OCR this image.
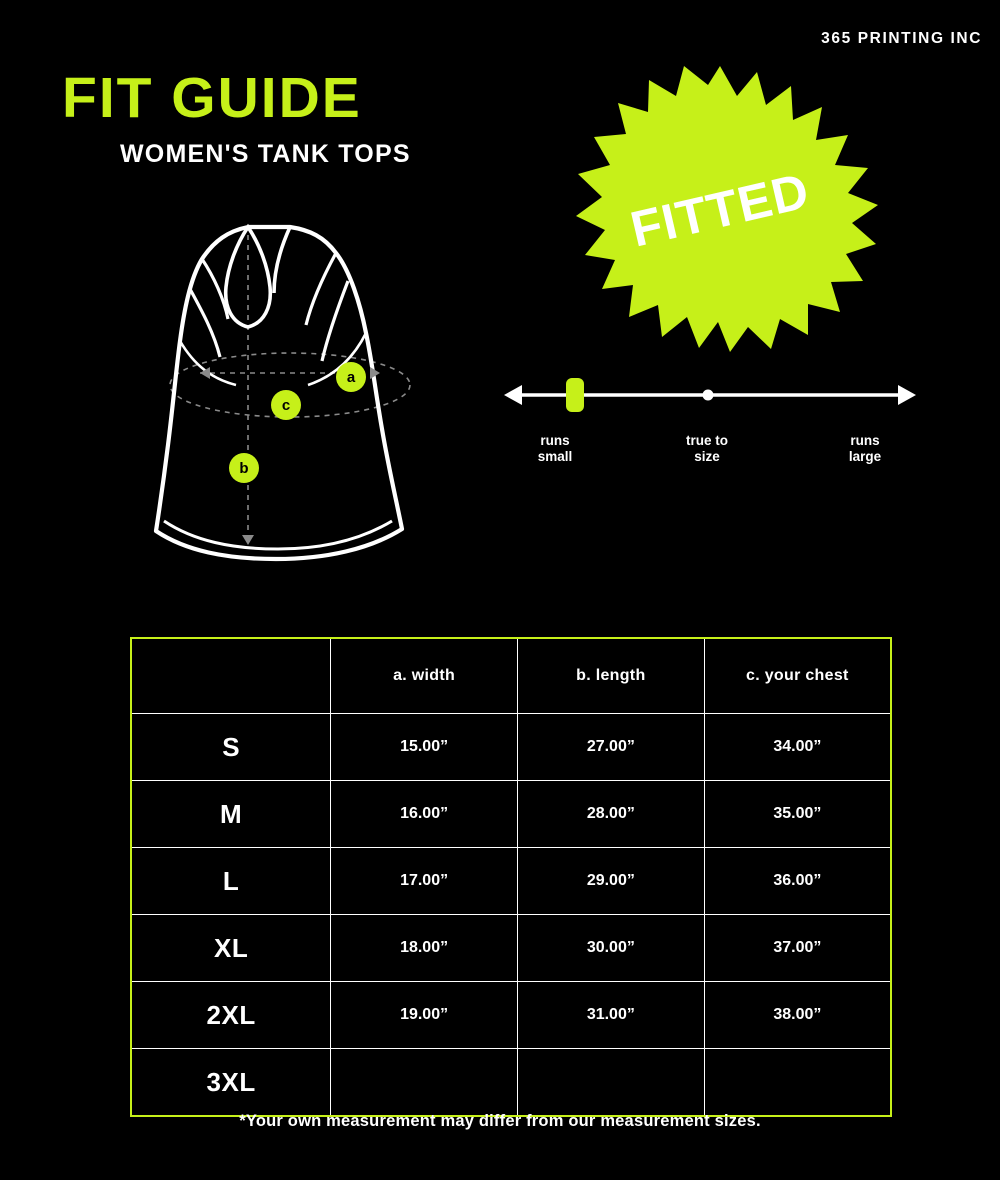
365 PRINTING INC
FIT GUIDE
WOMEN'S TANK TOPS
FITTED
a
c
b
runs
small
true to
size
runs
large
	a. width	b. length	c. your chest
S	15.00”	27.00”	34.00”
M	16.00”	28.00”	35.00”
L	17.00”	29.00”	36.00”
XL	18.00”	30.00”	37.00”
2XL	19.00”	31.00”	38.00”
3XL			
*Your own measurement may differ from our measurement sizes.
